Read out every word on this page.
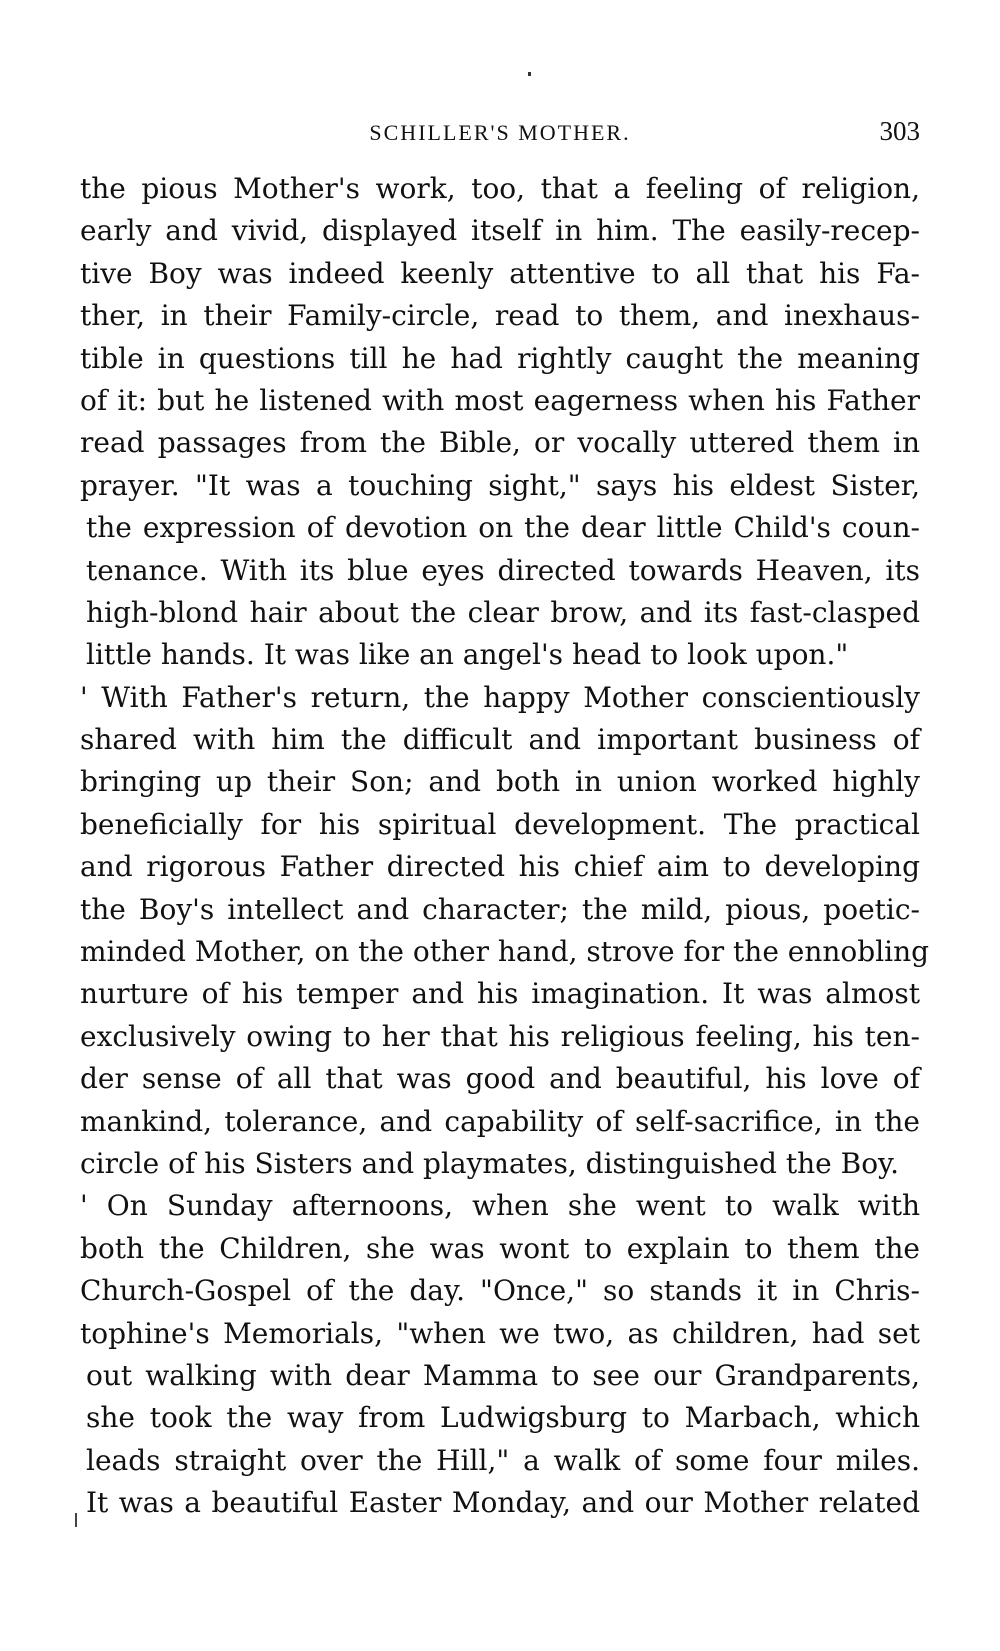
SCHILLER'S MOTHER.	303
the pious Mother's work, too, that a feeling of religion,
early and vivid, displayed itself in him. The easily-recep-
tive Boy was indeed keenly attentive to all that his Fa-
ther, in their Family-circle, read to them, and inexhaus-
tible in questions till he had rightly caught the meaning
of it: but he listened with most eagerness when his Father
read passages from the Bible, or vocally uttered them in
prayer. "It was a touching sight," says his eldest Sister,
the expression of devotion on the dear little Child's coun-
tenance. With its blue eyes directed towards Heaven, its
high-blond hair about the clear brow, and its fast-clasped
little hands. It was like an angel's head to look upon."
' With Father's return, the happy Mother conscientiously
shared with him the difficult and important business of
bringing up their Son; and both in union worked highly
beneficially for his spiritual development. The practical
and rigorous Father directed his chief aim to developing
the Boy's intellect and character; the mild, pious, poetic-
minded Mother, on the other hand, strove for the ennobling
nurture of his temper and his imagination. It was almost
exclusively owing to her that his religious feeling, his ten-
der sense of all that was good and beautiful, his love of
mankind, tolerance, and capability of self-sacrifice, in the
circle of his Sisters and playmates, distinguished the Boy.
' On Sunday afternoons, when she went to walk with
both the Children, she was wont to explain to them the
Church-Gospel of the day. "Once," so stands it in Chris-
tophine's Memorials, "when we two, as children, had set
out walking with dear Mamma to see our Grandparents,
she took the way from Ludwigsburg to Marbach, which
leads straight over the Hill," a walk of some four miles.
It was a beautiful Easter Monday, and our Mother related
